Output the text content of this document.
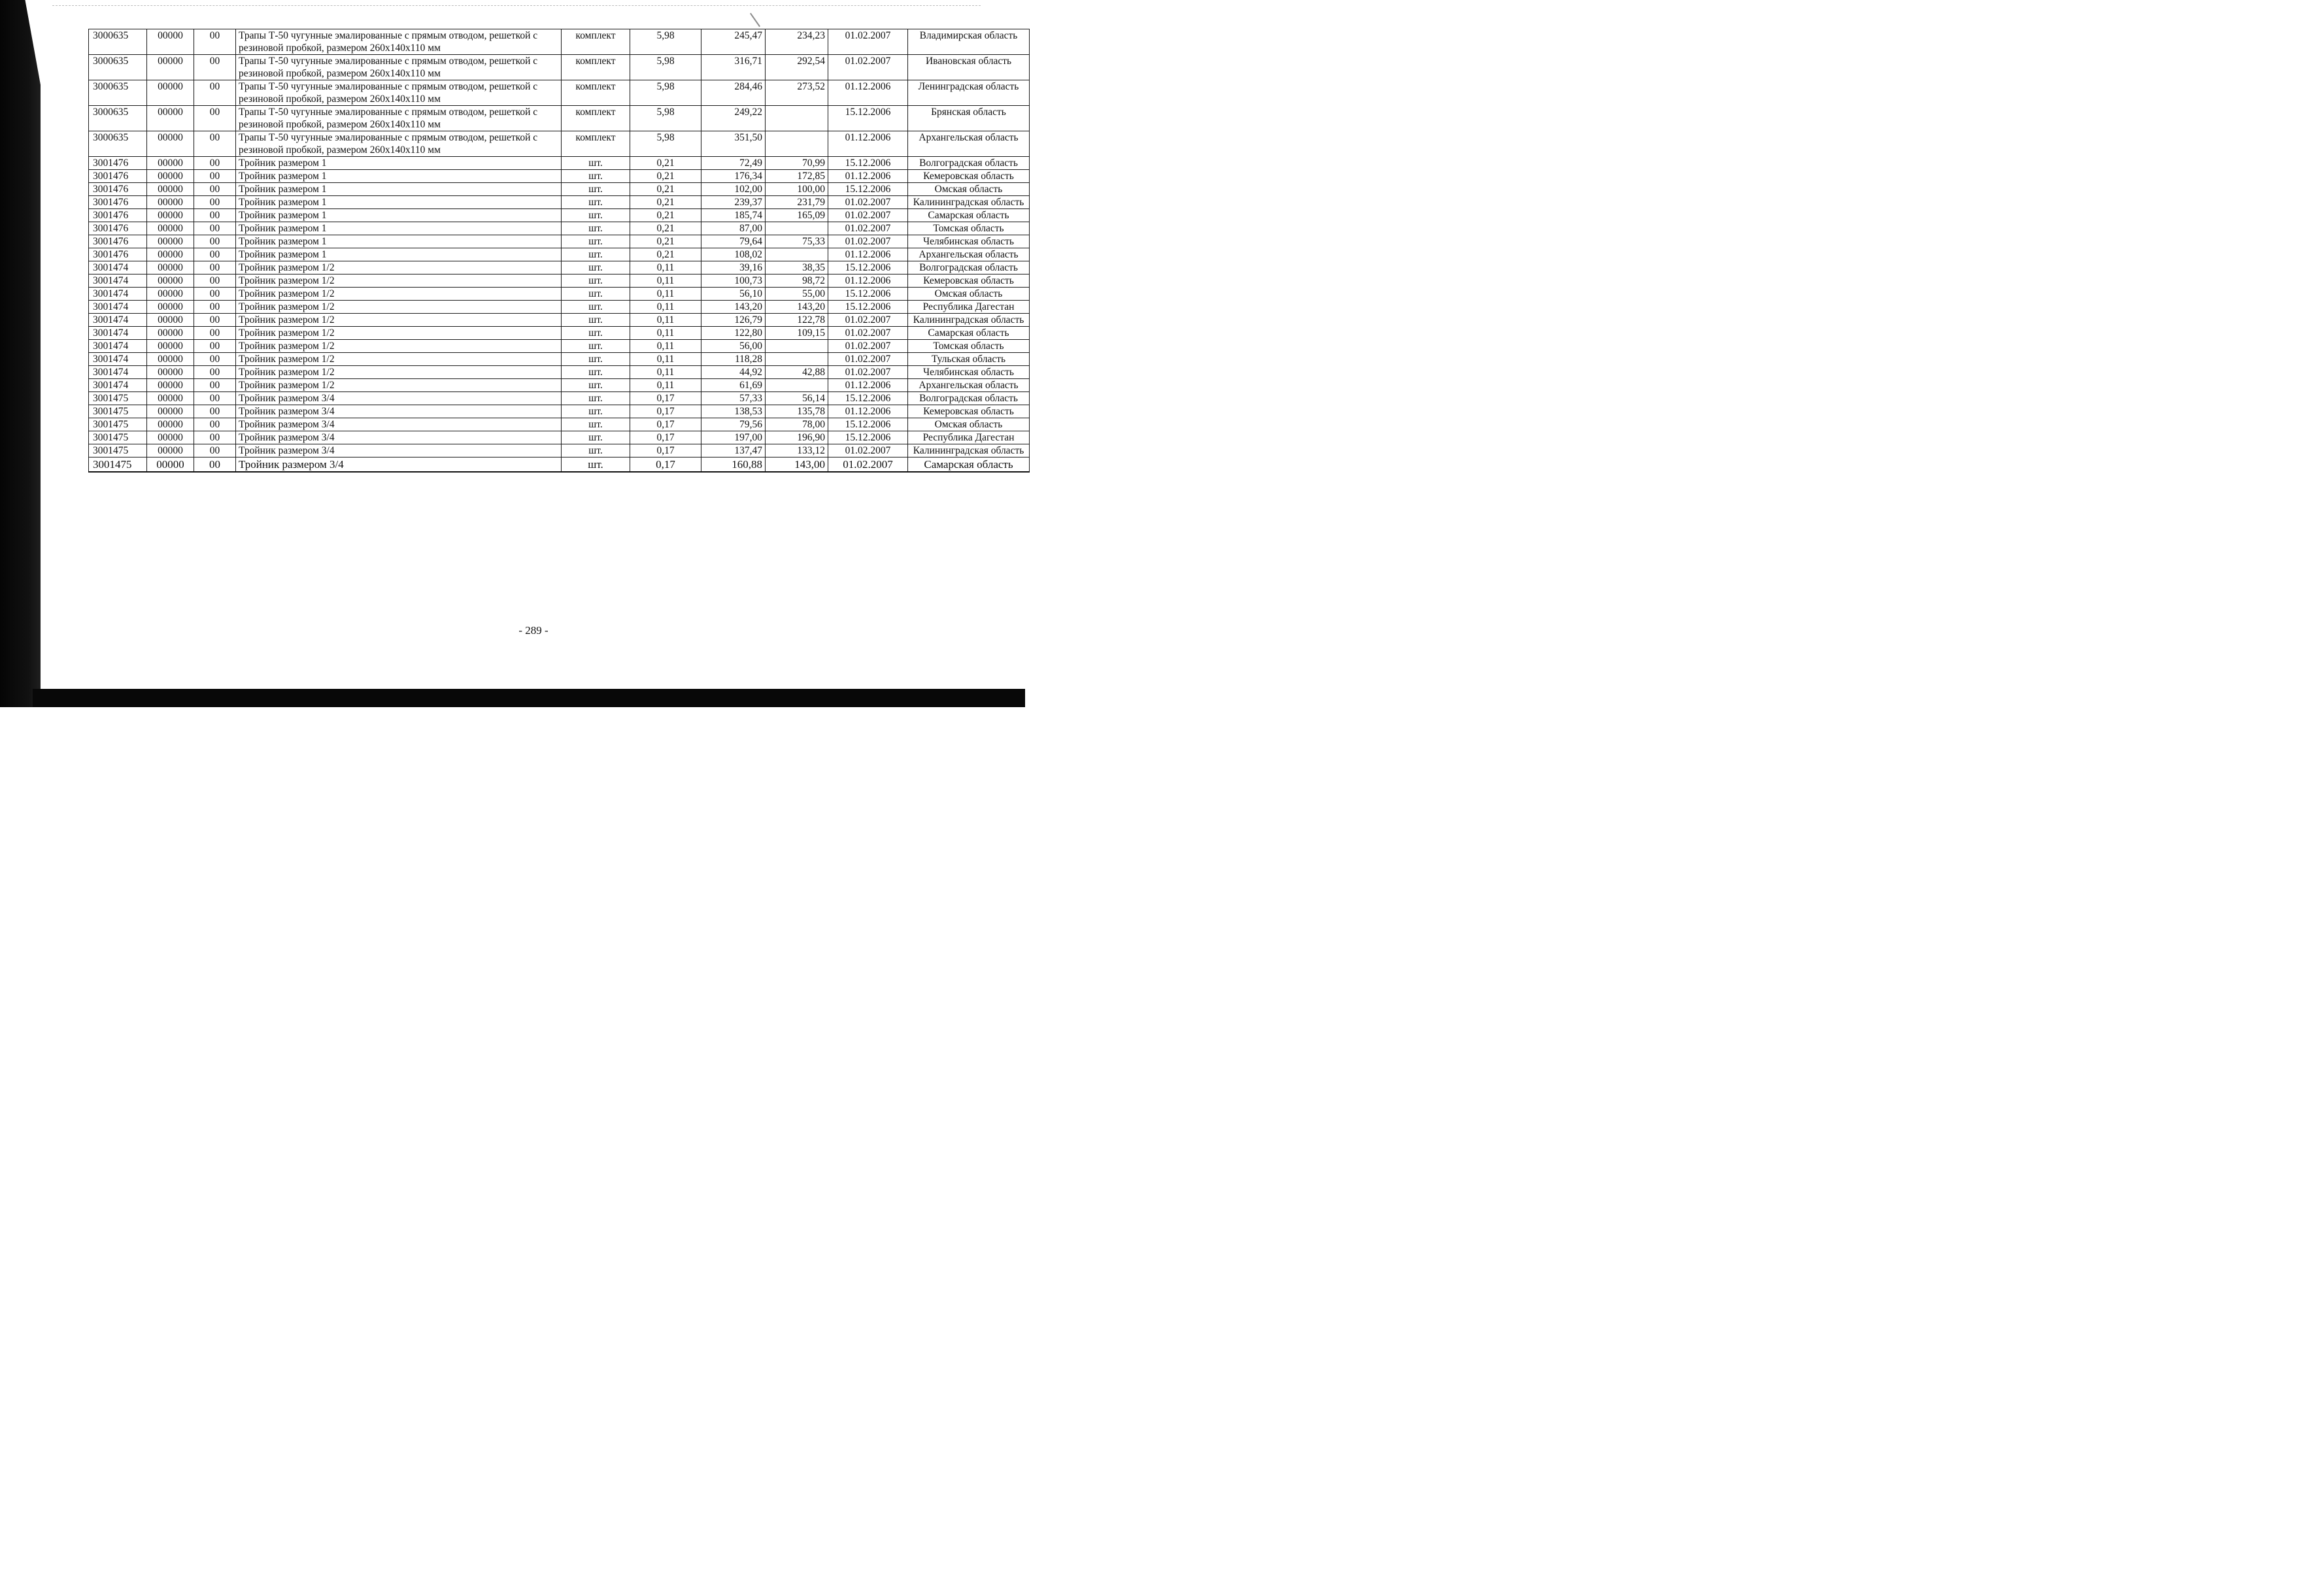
3000635	00000	00	Трапы Т-50 чугунные эмалированные с прямым отводом, решеткой с резиновой пробкой, размером 260х140х110 мм	комплект	5,98	245,47	234,23	01.02.2007	Владимирская область
3000635	00000	00	Трапы Т-50 чугунные эмалированные с прямым отводом, решеткой с резиновой пробкой, размером 260х140х110 мм	комплект	5,98	316,71	292,54	01.02.2007	Ивановская область
3000635	00000	00	Трапы Т-50 чугунные эмалированные с прямым отводом, решеткой с резиновой пробкой, размером 260х140х110 мм	комплект	5,98	284,46	273,52	01.12.2006	Ленинградская область
3000635	00000	00	Трапы Т-50 чугунные эмалированные с прямым отводом, решеткой с резиновой пробкой, размером 260х140х110 мм	комплект	5,98	249,22		15.12.2006	Брянская область
3000635	00000	00	Трапы Т-50 чугунные эмалированные с прямым отводом, решеткой с резиновой пробкой, размером 260х140х110 мм	комплект	5,98	351,50		01.12.2006	Архангельская область
3001476	00000	00	Тройник размером 1	шт.	0,21	72,49	70,99	15.12.2006	Волгоградская область
3001476	00000	00	Тройник размером 1	шт.	0,21	176,34	172,85	01.12.2006	Кемеровская область
3001476	00000	00	Тройник размером 1	шт.	0,21	102,00	100,00	15.12.2006	Омская область
3001476	00000	00	Тройник размером 1	шт.	0,21	239,37	231,79	01.02.2007	Калининградская область
3001476	00000	00	Тройник размером 1	шт.	0,21	185,74	165,09	01.02.2007	Самарская область
3001476	00000	00	Тройник размером 1	шт.	0,21	87,00		01.02.2007	Томская область
3001476	00000	00	Тройник размером 1	шт.	0,21	79,64	75,33	01.02.2007	Челябинская область
3001476	00000	00	Тройник размером 1	шт.	0,21	108,02		01.12.2006	Архангельская область
3001474	00000	00	Тройник размером 1/2	шт.	0,11	39,16	38,35	15.12.2006	Волгоградская область
3001474	00000	00	Тройник размером 1/2	шт.	0,11	100,73	98,72	01.12.2006	Кемеровская область
3001474	00000	00	Тройник размером 1/2	шт.	0,11	56,10	55,00	15.12.2006	Омская область
3001474	00000	00	Тройник размером 1/2	шт.	0,11	143,20	143,20	15.12.2006	Республика Дагестан
3001474	00000	00	Тройник размером 1/2	шт.	0,11	126,79	122,78	01.02.2007	Калининградская область
3001474	00000	00	Тройник размером 1/2	шт.	0,11	122,80	109,15	01.02.2007	Самарская область
3001474	00000	00	Тройник размером 1/2	шт.	0,11	56,00		01.02.2007	Томская область
3001474	00000	00	Тройник размером 1/2	шт.	0,11	118,28		01.02.2007	Тульская область
3001474	00000	00	Тройник размером 1/2	шт.	0,11	44,92	42,88	01.02.2007	Челябинская область
3001474	00000	00	Тройник размером 1/2	шт.	0,11	61,69		01.12.2006	Архангельская область
3001475	00000	00	Тройник размером 3/4	шт.	0,17	57,33	56,14	15.12.2006	Волгоградская область
3001475	00000	00	Тройник размером 3/4	шт.	0,17	138,53	135,78	01.12.2006	Кемеровская область
3001475	00000	00	Тройник размером 3/4	шт.	0,17	79,56	78,00	15.12.2006	Омская область
3001475	00000	00	Тройник размером 3/4	шт.	0,17	197,00	196,90	15.12.2006	Республика Дагестан
3001475	00000	00	Тройник размером 3/4	шт.	0,17	137,47	133,12	01.02.2007	Калининградская область
3001475	00000	00	Тройник размером 3/4	шт.	0,17	160,88	143,00	01.02.2007	Самарская область
- 289 -
